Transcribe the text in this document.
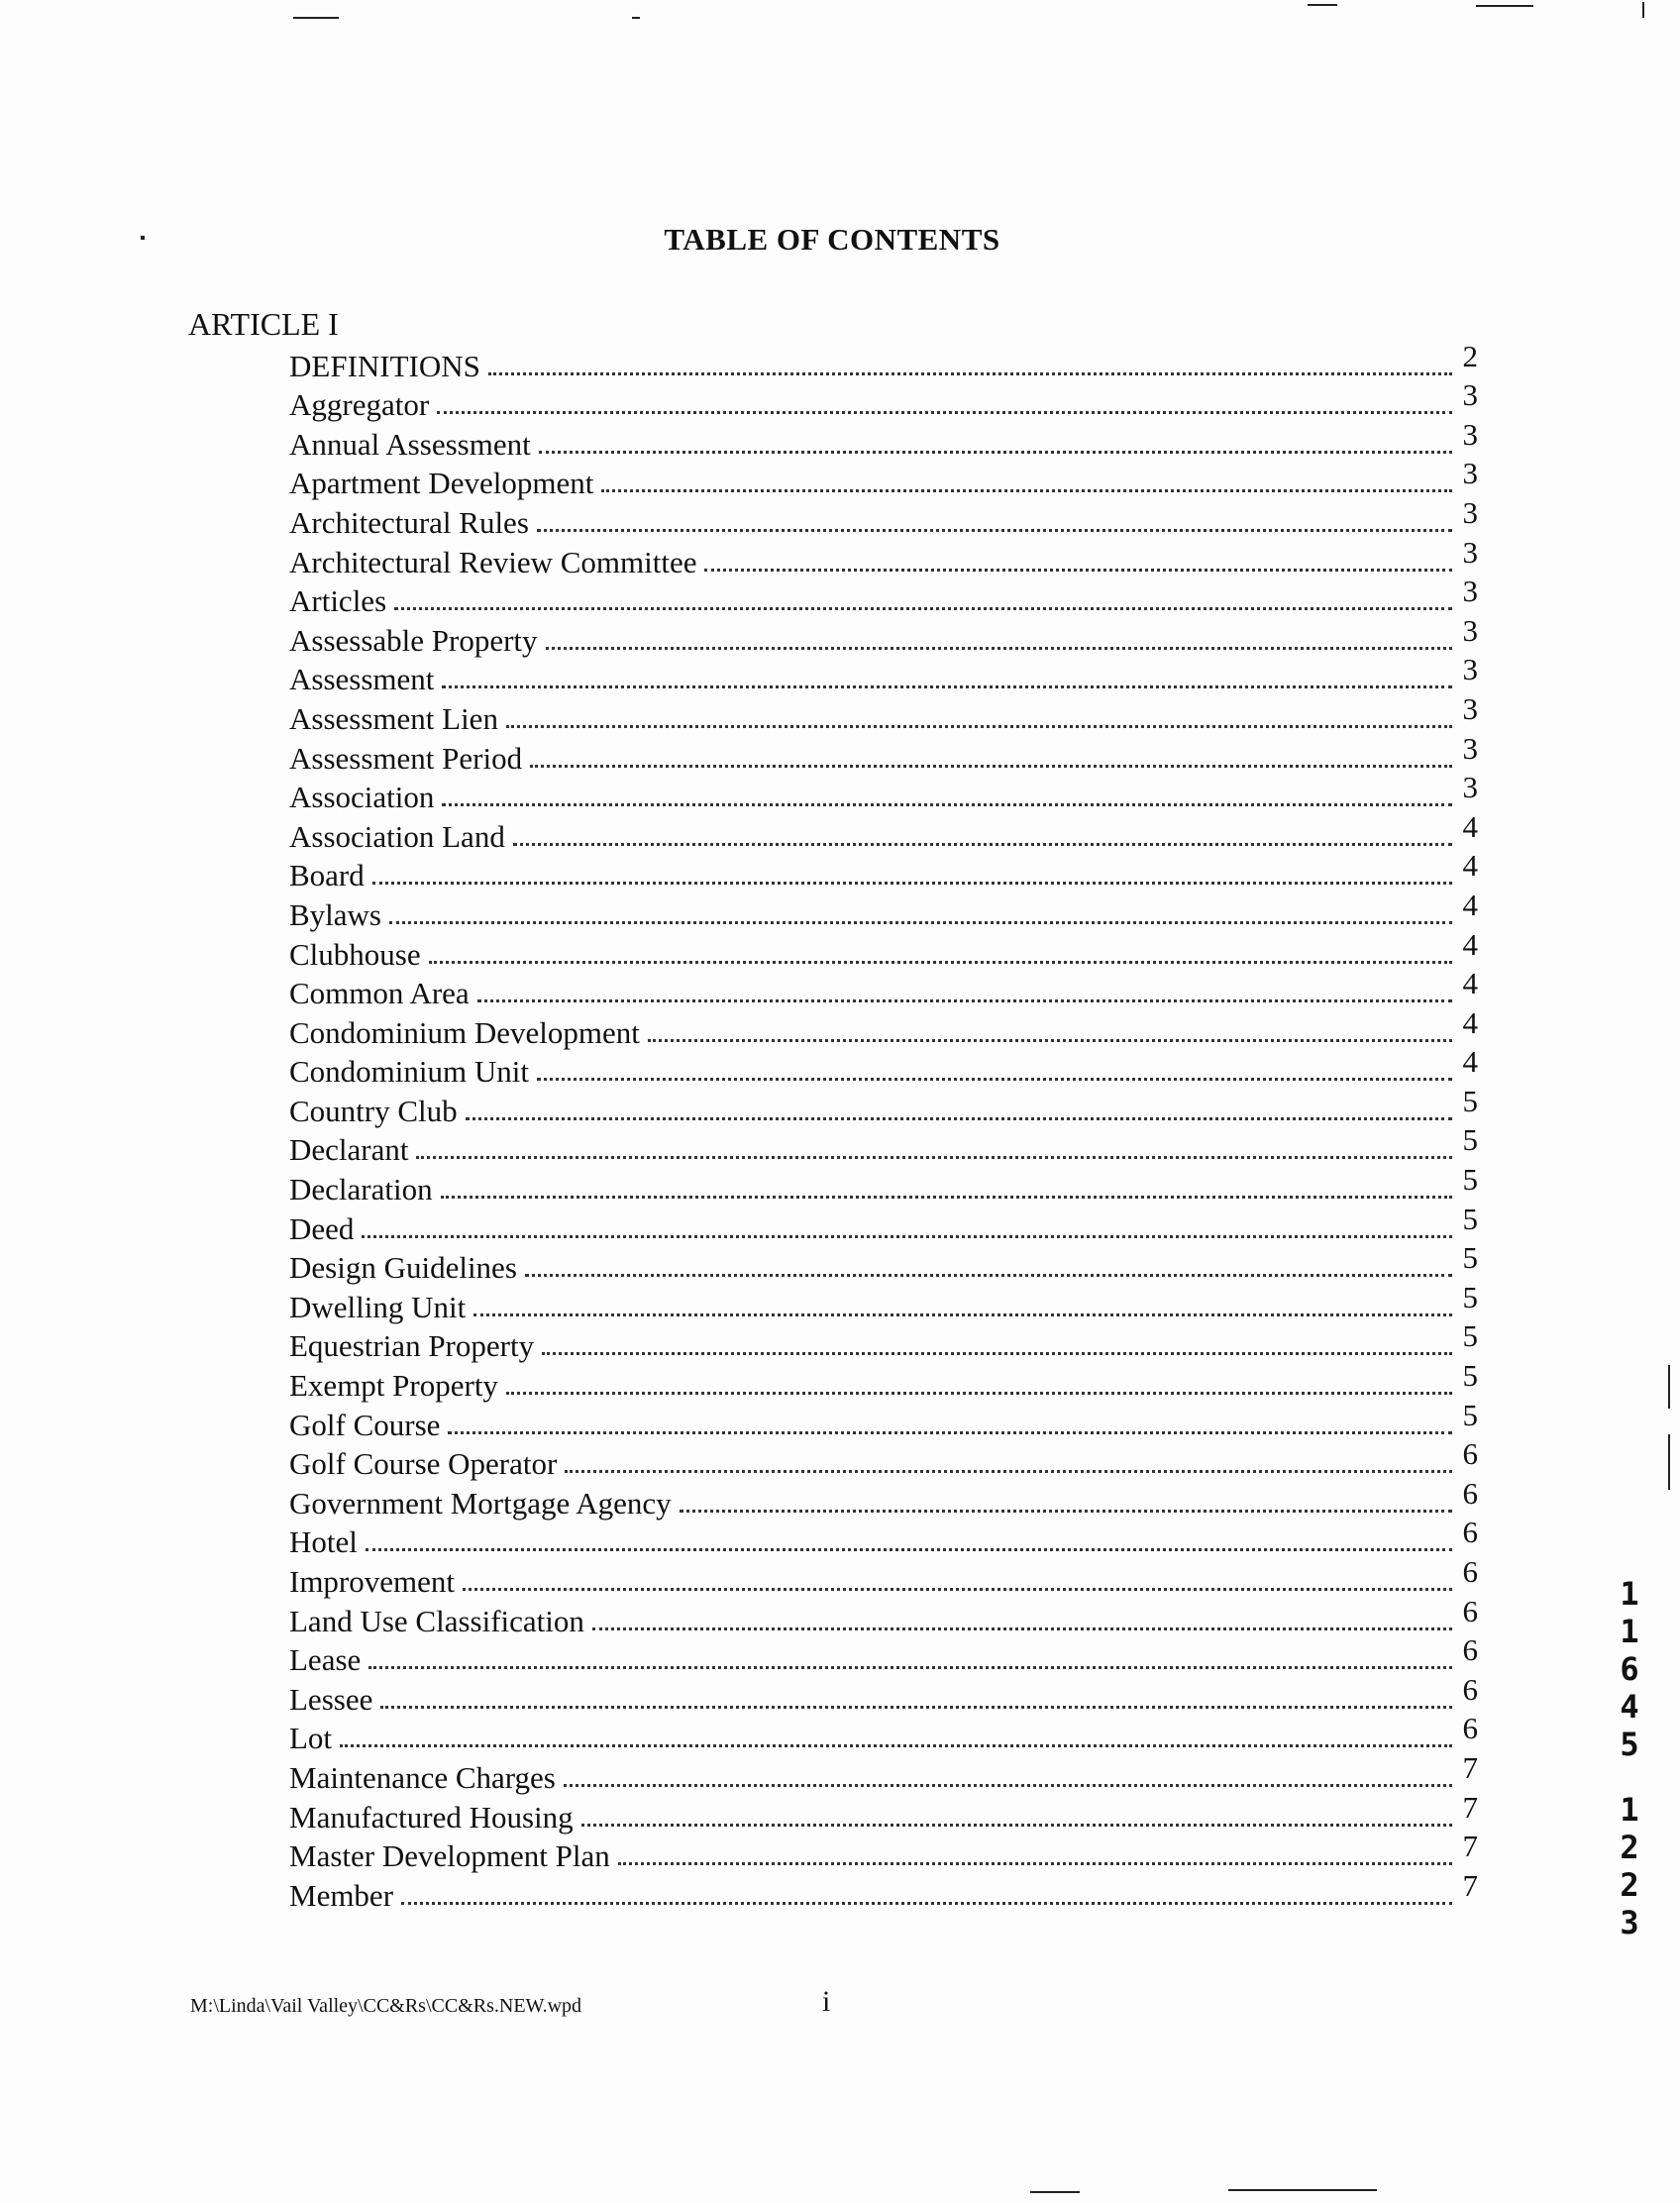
TABLE OF CONTENTS
ARTICLE I
DEFINITIONS	2
Aggregator	3
Annual Assessment	3
Apartment Development	3
Architectural Rules	3
Architectural Review Committee	3
Articles	3
Assessable Property	3
Assessment	3
Assessment Lien	3
Assessment Period	3
Association	3
Association Land	4
Board	4
Bylaws	4
Clubhouse	4
Common Area	4
Condominium Development	4
Condominium Unit	4
Country Club	5
Declarant	5
Declaration	5
Deed	5
Design Guidelines	5
Dwelling Unit	5
Equestrian Property	5
Exempt Property	5
Golf Course	5
Golf Course Operator	6
Government Mortgage Agency	6
Hotel	6
Improvement	6
Land Use Classification	6
Lease	6
Lessee	6
Lot	6
Maintenance Charges	7
Manufactured Housing	7
Master Development Plan	7
Member	7
M:\Linda\Vail Valley\CC&Rs\CC&Rs.NEW.wpd	i
1
1
6
4
5
1
2
2
3
